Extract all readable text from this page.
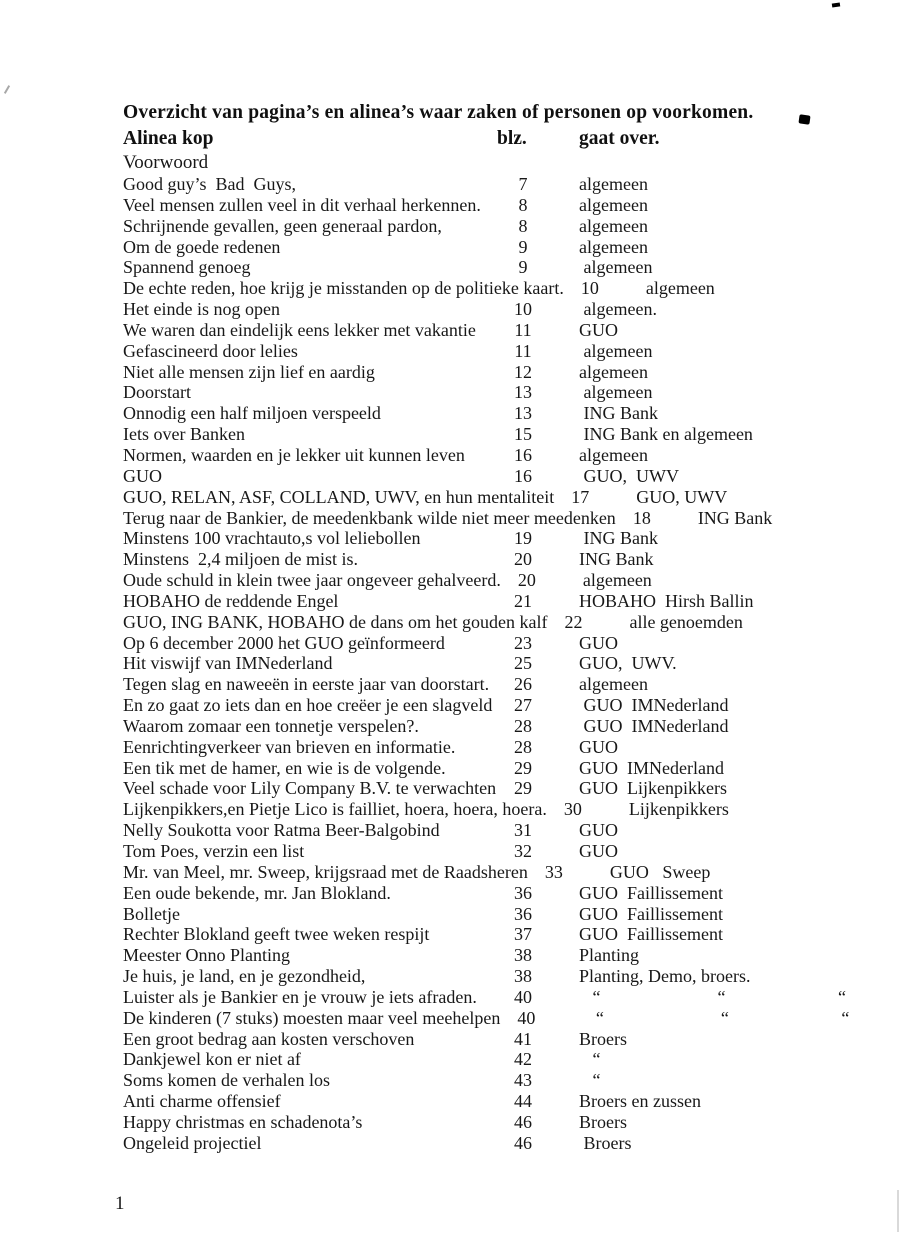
Overzicht van pagina’s en alinea’s waar zaken of personen op voorkomen.
Alinea kop	blz.	gaat over.
Voorwoord
Good guy’s  Bad  Guys,	7	algemeen
Veel mensen zullen veel in dit verhaal herkennen.	8	algemeen
Schrijnende gevallen, geen generaal pardon,	8	algemeen
Om de goede redenen	9	algemeen
Spannend genoeg	9	algemeen
De echte reden, hoe krijg je misstanden op de politieke kaart. 10	algemeen
Het einde is nog open	10	algemeen.
We waren dan eindelijk eens lekker met vakantie	11	GUO
Gefascineerd door lelies	11	algemeen
Niet alle mensen zijn lief en aardig	12	algemeen
Doorstart	13	algemeen
Onnodig een half miljoen verspeeld	13	ING Bank
Iets over Banken	15	ING Bank en algemeen
Normen, waarden en je lekker uit kunnen leven	16	algemeen
GUO	16	GUO,  UWV
GUO, RELAN, ASF, COLLAND, UWV, en hun mentaliteit 17	GUO, UWV
Terug naar de Bankier, de meedenkbank wilde niet meer meedenken 18	ING Bank
Minstens 100 vrachtauto,s vol leliebollen	19	ING Bank
Minstens  2,4 miljoen de mist is.	20	ING Bank
Oude schuld in klein twee jaar ongeveer gehalveerd. 20	algemeen
HOBAHO de reddende Engel	21	HOBAHO  Hirsh Ballin
GUO, ING BANK, HOBAHO de dans om het gouden kalf 22	alle genoemden
Op 6 december 2000 het GUO geïnformeerd	23	GUO
Hit viswijf van IMNederland	25	GUO,  UWV.
Tegen slag en naweeën in eerste jaar van doorstart.	26	algemeen
En zo gaat zo iets dan en hoe creëer je een slagveld	27	GUO  IMNederland
Waarom zomaar een tonnetje verspelen?.	28	GUO  IMNederland
Eenrichtingverkeer van brieven en informatie.	28	GUO
Een tik met de hamer, en wie is de volgende.	29	GUO  IMNederland
Veel schade voor Lily Company B.V. te verwachten 29	GUO  Lijkenpikkers
Lijkenpikkers,en Pietje Lico is failliet, hoera, hoera, hoera. 30	Lijkenpikkers
Nelly Soukotta voor Ratma Beer-Balgobind	31	GUO
Tom Poes, verzin een list	32	GUO
Mr. van Meel, mr. Sweep, krijgsraad met de Raadsheren 33	GUO   Sweep
Een oude bekende, mr. Jan Blokland.	36	GUO  Faillissement
Bolletje	36	GUO  Faillissement
Rechter Blokland geeft twee weken respijt	37	GUO  Faillissement
Meester Onno Planting	38	Planting
Je huis, je land, en je gezondheid,	38	Planting, Demo, broers.
Luister als je Bankier en je vrouw je iets afraden.	40	“                          “                         “
De kinderen (7 stuks) moesten maar veel meehelpen 40	“                          “                         “
Een groot bedrag aan kosten verschoven	41	Broers
Dankjewel kon er niet af	42	“
Soms komen de verhalen los	43	“
Anti charme offensief	44	Broers en zussen
Happy christmas en schadenota’s	46	Broers
Ongeleid projectiel	46	Broers
1
